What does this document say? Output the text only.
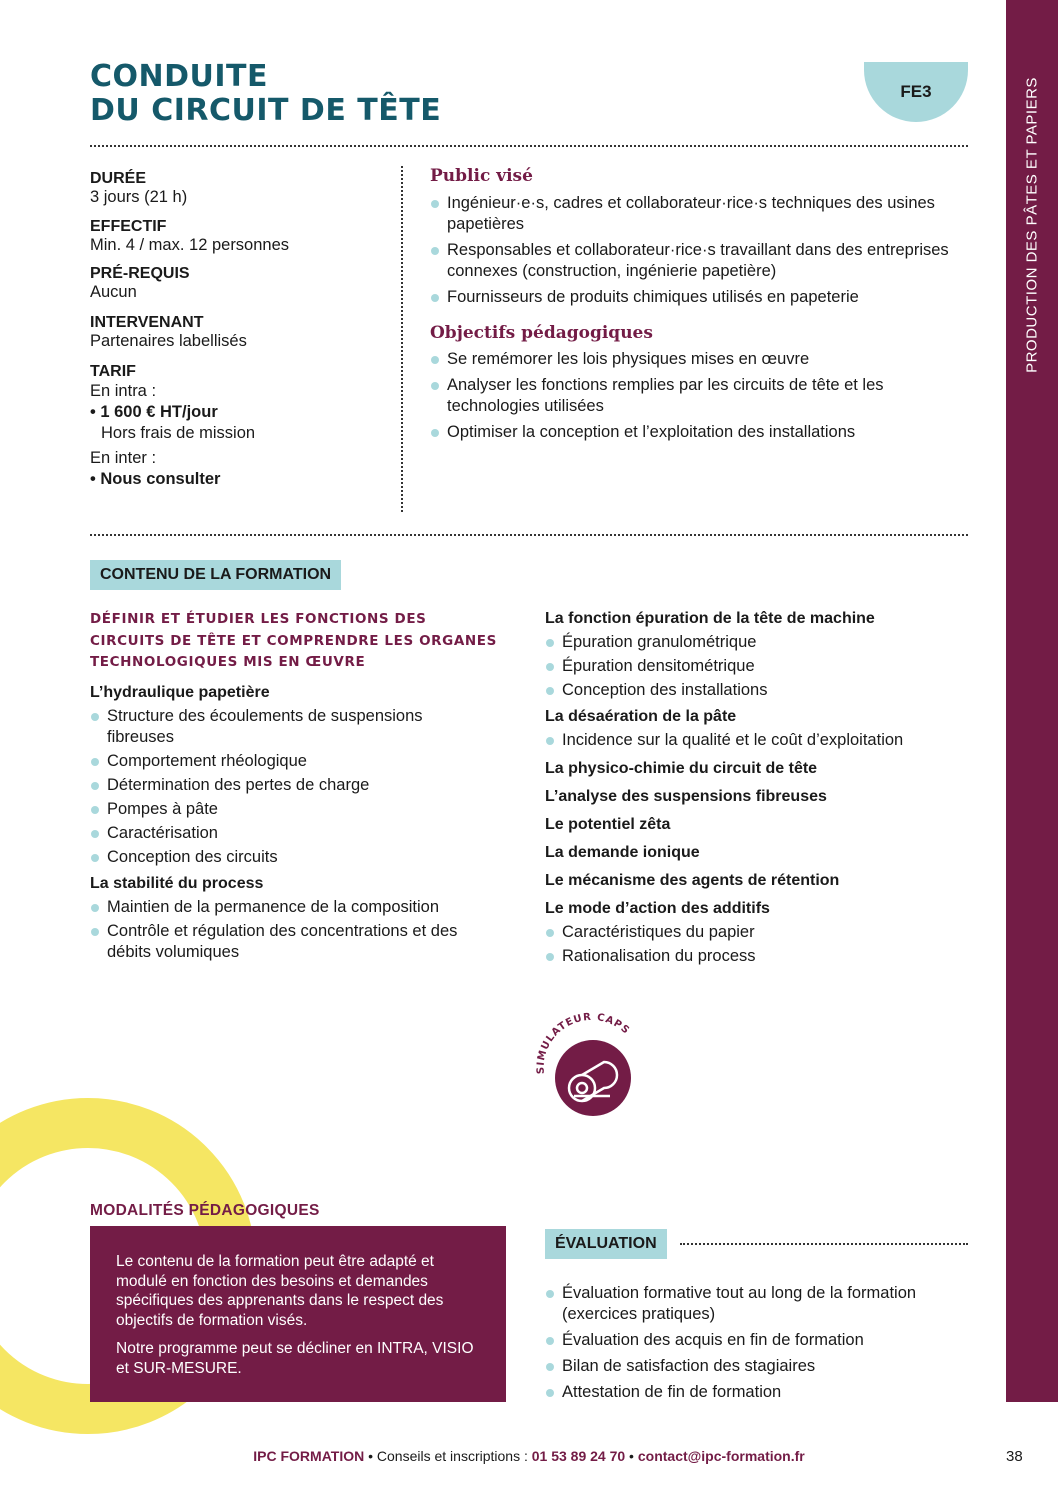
PRODUCTION DES PÂTES ET PAPIERS
CONDUITE
DU CIRCUIT DE TÊTE
FE3
DURÉE
3 jours (21 h)
EFFECTIF
Min. 4 / max. 12 personnes
PRÉ-REQUIS
Aucun
INTERVENANT
Partenaires labellisés
TARIF
En intra :
• 1 600 € HT/jour
Hors frais de mission
En inter :
• Nous consulter
Public visé
Ingénieur·e·s, cadres et collaborateur·rice·s techniques des usines papetières
Responsables et collaborateur·rice·s travaillant dans des entreprises connexes (construction, ingénierie papetière)
Fournisseurs de produits chimiques utilisés en papeterie
Objectifs pédagogiques
Se remémorer les lois physiques mises en œuvre
Analyser les fonctions remplies par les circuits de tête et les technologies utilisées
Optimiser la conception et l’exploitation des installations
CONTENU DE LA FORMATION
DÉFINIR ET ÉTUDIER LES FONCTIONS DES
CIRCUITS DE TÊTE ET COMPRENDRE LES ORGANES
TECHNOLOGIQUES MIS EN ŒUVRE
L’hydraulique papetière
Structure des écoulements de suspensions fibreuses
Comportement rhéologique
Détermination des pertes de charge
Pompes à pâte
Caractérisation
Conception des circuits
La stabilité du process
Maintien de la permanence de la composition
Contrôle et régulation des concentrations et des débits volumiques
La fonction épuration de la tête de machine
Épuration granulométrique
Épuration densitométrique
Conception des installations
La désaération de la pâte
Incidence sur la qualité et le coût d’exploitation
La physico-chimie du circuit de tête
L’analyse des suspensions fibreuses
Le potentiel zêta
La demande ionique
Le mécanisme des agents de rétention
Le mode d’action des additifs
Caractéristiques du papier
Rationalisation du process
SIMULATEUR CAPS
MODALITÉS PÉDAGOGIQUES
Le contenu de la formation peut être adapté et modulé en fonction des besoins et demandes spécifiques des apprenants dans le respect des objectifs de formation visés.
Notre programme peut se décliner en INTRA, VISIO et SUR-MESURE.
ÉVALUATION
Évaluation formative tout au long de la formation (exercices pratiques)
Évaluation des acquis en fin de formation
Bilan de satisfaction des stagiaires
Attestation de fin de formation
IPC FORMATION • Conseils et inscriptions : 01 53 89 24 70 • contact@ipc-formation.fr	38
